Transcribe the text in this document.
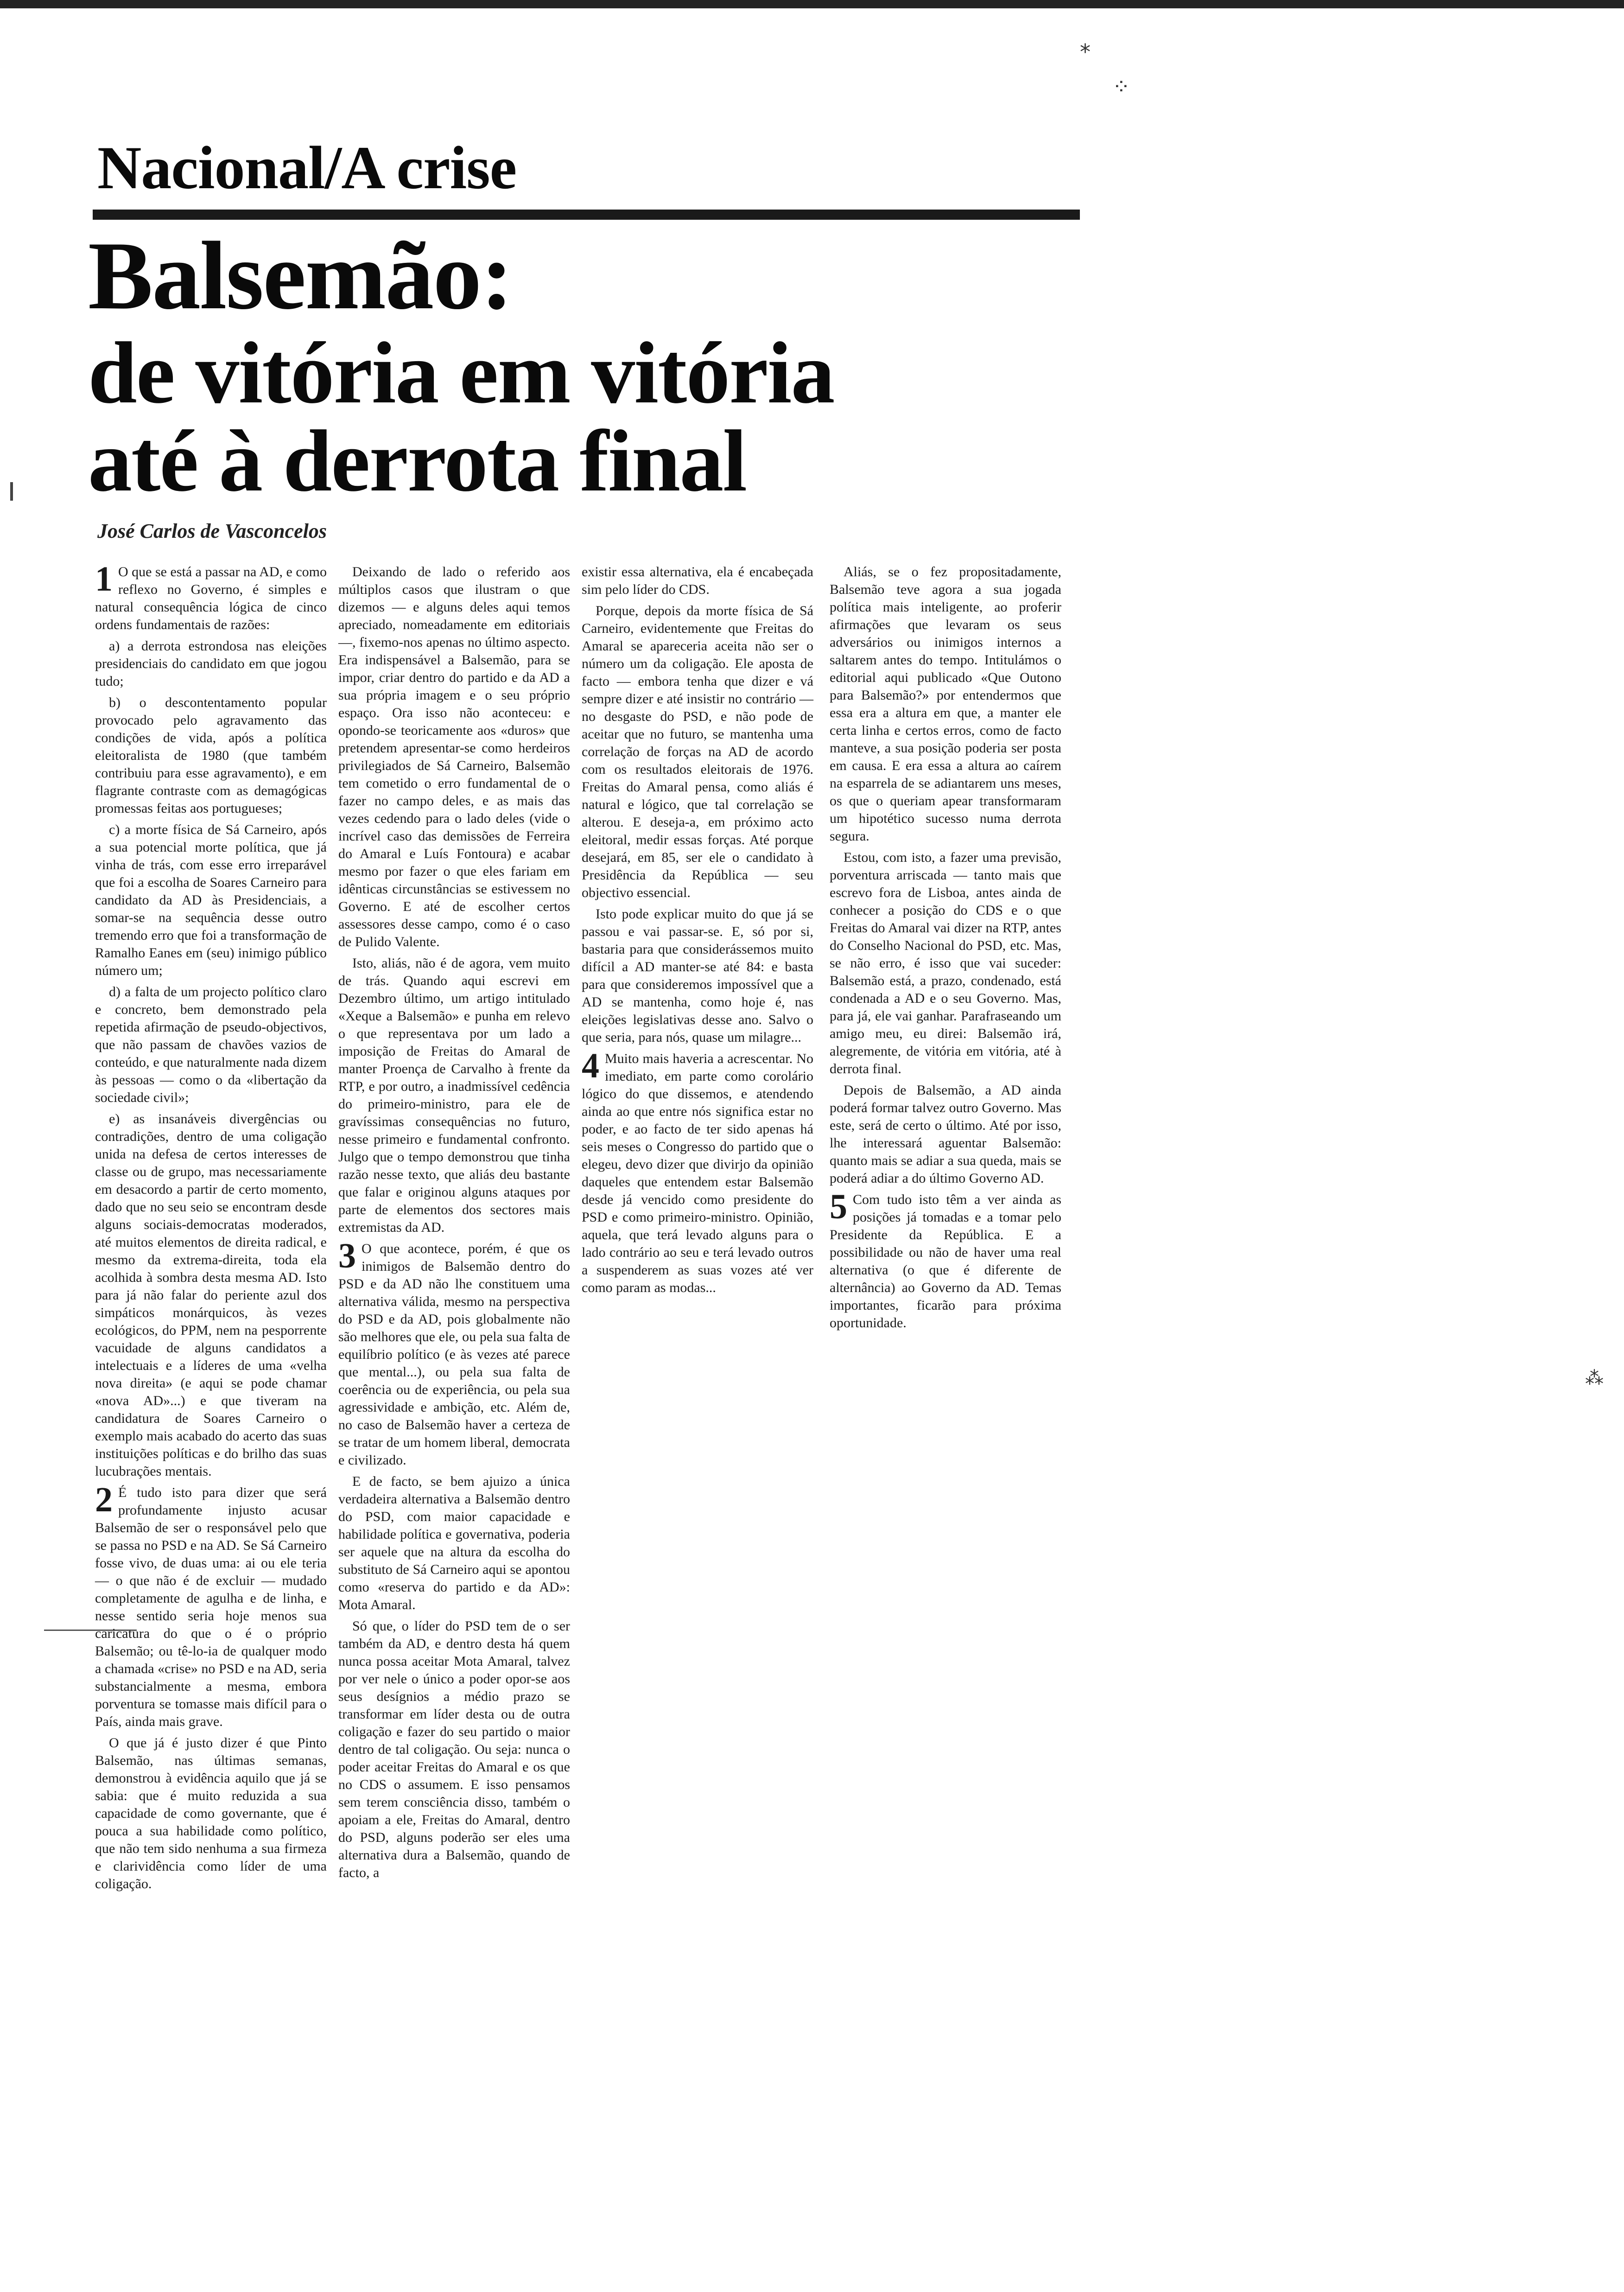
⁎
⁘
⁂
Nacional/A crise
Balsemão:
de vitória em vitória
até à derrota final
José Carlos de Vasconcelos

1 O que se está a passar na AD, e como reflexo no Governo, é simples e natural consequência lógica de cinco ordens fundamentais de razões:

a) a derrota estrondosa nas eleições presidenciais do candidato em que jogou tudo;

b) o descontentamento popular provocado pelo agravamento das condições de vida, após a política eleitoralista de 1980 (que também contribuiu para esse agravamento), e em flagrante contraste com as demagógicas promessas feitas aos portugueses;

c) a morte física de Sá Carneiro, após a sua potencial morte política, que já vinha de trás, com esse erro irreparável que foi a escolha de Soares Carneiro para candidato da AD às Presidenciais, a somar-se na sequência desse outro tremendo erro que foi a transformação de Ramalho Eanes em (seu) inimigo público número um;

d) a falta de um projecto político claro e concreto, bem demonstrado pela repetida afirmação de pseudo-objectivos, que não passam de chavões vazios de conteúdo, e que naturalmente nada dizem às pessoas — como o da «libertação da sociedade civil»;

e) as insanáveis divergências ou contradições, dentro de uma coligação unida na defesa de certos interesses de classe ou de grupo, mas necessariamente em desacordo a partir de certo momento, dado que no seu seio se encontram desde alguns sociais-democratas moderados, até muitos elementos de direita radical, e mesmo da extrema-direita, toda ela acolhida à sombra desta mesma AD. Isto para já não falar do periente azul dos simpáticos monárquicos, às vezes ecológicos, do PPM, nem na pesporrente vacuidade de alguns candidatos a intelectuais e a líderes de uma «velha nova direita» (e aqui se pode chamar «nova AD»...) e que tiveram na candidatura de Soares Carneiro o exemplo mais acabado do acerto das suas instituições políticas e do brilho das suas lucubrações mentais.

2 É tudo isto para dizer que será profundamente injusto acusar Balsemão de ser o responsável pelo que se passa no PSD e na AD. Se Sá Carneiro fosse vivo, de duas uma: ai ou ele teria — o que não é de excluir — mudado completamente de agulha e de linha, e nesse sentido seria hoje menos sua caricatura do que o é o próprio Balsemão; ou tê-lo-ia de qualquer modo a chamada «crise» no PSD e na AD, seria substancialmente a mesma, embora porventura se tomasse mais difícil para o País, ainda mais grave.

O que já é justo dizer é que Pinto Balsemão, nas últimas semanas, demonstrou à evidência aquilo que já se sabia: que é muito reduzida a sua capacidade de como governante, que é pouca a sua habilidade como político, que não tem sido nenhuma a sua firmeza e clarividência como líder de uma coligação.

Deixando de lado o referido aos múltiplos casos que ilustram o que dizemos — e alguns deles aqui temos apreciado, nomeadamente em editoriais —, fixemo-nos apenas no último aspecto. Era indispensável a Balsemão, para se impor, criar dentro do partido e da AD a sua própria imagem e o seu próprio espaço. Ora isso não aconteceu: e opondo-se teoricamente aos «duros» que pretendem apresentar-se como herdeiros privilegiados de Sá Carneiro, Balsemão tem cometido o erro fundamental de o fazer no campo deles, e as mais das vezes cedendo para o lado deles (vide o incrível caso das demissões de Ferreira do Amaral e Luís Fontoura) e acabar mesmo por fazer o que eles fariam em idênticas circunstâncias se estivessem no Governo. E até de escolher certos assessores desse campo, como é o caso de Pulido Valente.

Isto, aliás, não é de agora, vem muito de trás. Quando aqui escrevi em Dezembro último, um artigo intitulado «Xeque a Balsemão» e punha em relevo o que representava por um lado a imposição de Freitas do Amaral de manter Proença de Carvalho à frente da RTP, e por outro, a inadmissível cedência do primeiro-ministro, para ele de gravíssimas consequências no futuro, nesse primeiro e fundamental confronto. Julgo que o tempo demonstrou que tinha razão nesse texto, que aliás deu bastante que falar e originou alguns ataques por parte de elementos dos sectores mais extremistas da AD.

3 O que acontece, porém, é que os inimigos de Balsemão dentro do PSD e da AD não lhe constituem uma alternativa válida, mesmo na perspectiva do PSD e da AD, pois globalmente não são melhores que ele, ou pela sua falta de equilíbrio político (e às vezes até parece que mental...), ou pela sua falta de coerência ou de experiência, ou pela sua agressividade e ambição, etc. Além de, no caso de Balsemão haver a certeza de se tratar de um homem liberal, democrata e civilizado.

E de facto, se bem ajuizo a única verdadeira alternativa a Balsemão dentro do PSD, com maior capacidade e habilidade política e governativa, poderia ser aquele que na altura da escolha do substituto de Sá Carneiro aqui se apontou como «reserva do partido e da AD»: Mota Amaral.

Só que, o líder do PSD tem de o ser também da AD, e dentro desta há quem nunca possa aceitar Mota Amaral, talvez por ver nele o único a poder opor-se aos seus desígnios a médio prazo se transformar em líder desta ou de outra coligação e fazer do seu partido o maior dentro de tal coligação. Ou seja: nunca o poder aceitar Freitas do Amaral e os que no CDS o assumem. E isso pensamos sem terem consciência disso, também o apoiam a ele, Freitas do Amaral, dentro do PSD, alguns poderão ser eles uma alternativa dura a Balsemão, quando de facto, a

existir essa alternativa, ela é encabeçada sim pelo líder do CDS.

Porque, depois da morte física de Sá Carneiro, evidentemente que Freitas do Amaral se apareceria aceita não ser o número um da coligação. Ele aposta de facto — embora tenha que dizer e vá sempre dizer e até insistir no contrário — no desgaste do PSD, e não pode de aceitar que no futuro, se mantenha uma correlação de forças na AD de acordo com os resultados eleitorais de 1976. Freitas do Amaral pensa, como aliás é natural e lógico, que tal correlação se alterou. E deseja-a, em próximo acto eleitoral, medir essas forças. Até porque desejará, em 85, ser ele o candidato à Presidência da República — seu objectivo essencial.

Isto pode explicar muito do que já se passou e vai passar-se. E, só por si, bastaria para que considerássemos muito difícil a AD manter-se até 84: e basta para que consideremos impossível que a AD se mantenha, como hoje é, nas eleições legislativas desse ano. Salvo o que seria, para nós, quase um milagre...

4 Muito mais haveria a acrescentar. No imediato, em parte como corolário lógico do que dissemos, e atendendo ainda ao que entre nós significa estar no poder, e ao facto de ter sido apenas há seis meses o Congresso do partido que o elegeu, devo dizer que divirjo da opinião daqueles que entendem estar Balsemão desde já vencido como presidente do PSD e como primeiro-ministro. Opinião, aquela, que terá levado alguns para o lado contrário ao seu e terá levado outros a suspenderem as suas vozes até ver como param as modas...

Aliás, se o fez propositadamente, Balsemão teve agora a sua jogada política mais inteligente, ao proferir afirmações que levaram os seus adversários ou inimigos internos a saltarem antes do tempo. Intitulámos o editorial aqui publicado «Que Outono para Balsemão?» por entendermos que essa era a altura em que, a manter ele certa linha e certos erros, como de facto manteve, a sua posição poderia ser posta em causa. E era essa a altura ao caírem na esparrela de se adiantarem uns meses, os que o queriam apear transformaram um hipotético sucesso numa derrota segura.

Estou, com isto, a fazer uma previsão, porventura arriscada — tanto mais que escrevo fora de Lisboa, antes ainda de conhecer a posição do CDS e o que Freitas do Amaral vai dizer na RTP, antes do Conselho Nacional do PSD, etc. Mas, se não erro, é isso que vai suceder: Balsemão está, a prazo, condenado, está condenada a AD e o seu Governo. Mas, para já, ele vai ganhar. Parafraseando um amigo meu, eu direi: Balsemão irá, alegremente, de vitória em vitória, até à derrota final.

Depois de Balsemão, a AD ainda poderá formar talvez outro Governo. Mas este, será de certo o último. Até por isso, lhe interessará aguentar Balsemão: quanto mais se adiar a sua queda, mais se poderá adiar a do último Governo AD.

5 Com tudo isto têm a ver ainda as posições já tomadas e a tomar pelo Presidente da República. E a possibilidade ou não de haver uma real alternativa (o que é diferente de alternância) ao Governo da AD. Temas importantes, ficarão para próxima oportunidade.
